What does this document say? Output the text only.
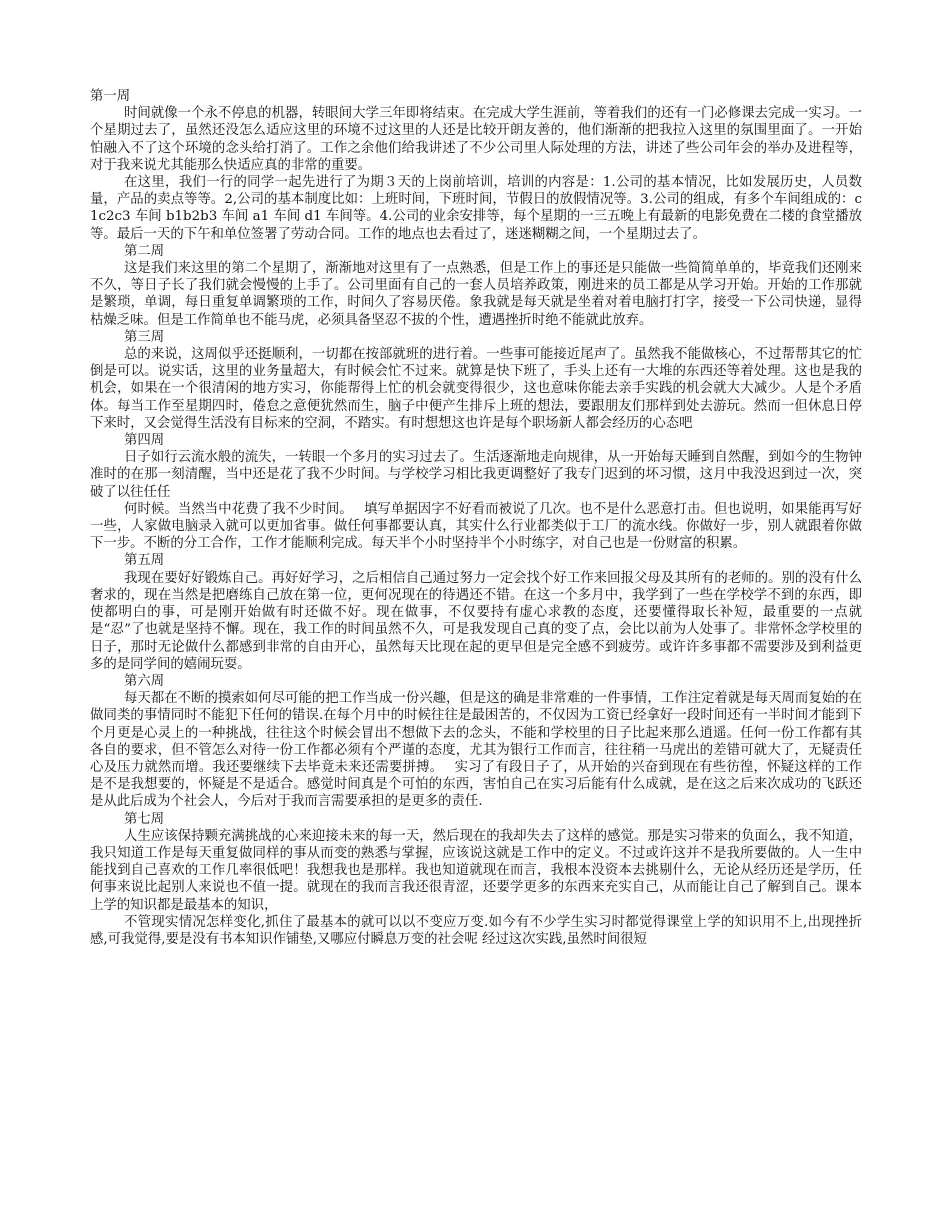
第一周

时间就像一个永不停息的机器，转眼间大学三年即将结束。在完成大学生涯前，等着我们的还有一门必修课去完成一实习。一个星期过去了，虽然还没怎么适应这里的环境不过这里的人还是比较开朗友善的，他们渐渐的把我拉入这里的氛围里面了。一开始怕融入不了这个环境的念头给打消了。工作之余他们给我讲述了不少公司里人际处理的方法，讲述了些公司年会的举办及进程等，对于我来说尤其能那么快适应真的非常的重要。

在这里，我们一行的同学一起先进行了为期３天的上岗前培训，培训的内容是：1.公司的基本情况，比如发展历史，人员数量，产品的卖点等等。2,公司的基本制度比如：上班时间，下班时间，节假日的放假情况等。3.公司的组成，有多个车间组成的：c1c2c3 车间 b1b2b3 车间 a1 车间 d1 车间等。4.公司的业余安排等，每个星期的一三五晚上有最新的电影免费在二楼的食堂播放等。最后一天的下午和单位签署了劳动合同。工作的地点也去看过了，迷迷糊糊之间，一个星期过去了。

第二周

这是我们来这里的第二个星期了，渐渐地对这里有了一点熟悉，但是工作上的事还是只能做一些简简单单的，毕竟我们还刚来不久，等日子长了我们就会慢慢的上手了。公司里面有自己的一套人员培养政策，刚进来的员工都是从学习开始。开始的工作那就是繁琐，单调，每日重复单调繁琐的工作，时间久了容易厌倦。象我就是每天就是坐着对着电脑打打字，接受一下公司快递，显得枯燥乏味。但是工作简单也不能马虎，必须具备坚忍不拔的个性，遭遇挫折时绝不能就此放弃。

第三周

总的来说，这周似乎还挺顺利，一切都在按部就班的进行着。一些事可能接近尾声了。虽然我不能做核心，不过帮帮其它的忙倒是可以。说实话，这里的业务量超大，有时候会忙不过来。就算是快下班了，手头上还有一大堆的东西还等着处理。这也是我的机会，如果在一个很清闲的地方实习，你能帮得上忙的机会就变得很少，这也意味你能去亲手实践的机会就大大减少。人是个矛盾体。每当工作至星期四时，倦怠之意便犹然而生，脑子中便产生排斥上班的想法，要跟朋友们那样到处去游玩。然而一但休息日停下来时，又会觉得生活没有目标来的空洞，不踏实。有时想想这也许是每个职场新人都会经历的心态吧

第四周

日子如行云流水般的流失，一转眼一个多月的实习过去了。生活逐渐地走向规律，从一开始每天睡到自然醒，到如今的生物钟准时的在那一刻清醒，当中还是花了我不少时间。与学校学习相比我更调整好了我专门迟到的坏习惯，这月中我没迟到过一次，突破了以往任任

何时候。当然当中花费了我不少时间。　 填写单据因字不好看而被说了几次。也不是什么恶意打击。但也说明，如果能再写好一些，人家做电脑录入就可以更加省事。做任何事都要认真，其实什么行业都类似于工厂的流水线。你做好一步，别人就跟着你做下一步。不断的分工合作，工作才能顺利完成。每天半个小时坚持半个小时练字，对自己也是一份财富的积累。

第五周

我现在要好好锻炼自己。再好好学习，之后相信自己通过努力一定会找个好工作来回报父母及其所有的老师的。别的没有什么奢求的，现在当然是把磨练自己放在第一位，更何况现在的待遇还不错。在这一个多月中，我学到了一些在学校学不到的东西，即使都明白的事，可是刚开始做有时还做不好。现在做事，不仅要持有虚心求教的态度，还要懂得取长补短，最重要的一点就是“忍”了也就是坚持不懈。现在，我工作的时间虽然不久，可是我发现自己真的变了点，会比以前为人处事了。非常怀念学校里的日子，那时无论做什么都感到非常的自由开心，虽然每天比现在起的更早但是完全感不到疲劳。或许许多事都不需要涉及到利益更多的是同学间的嬉闹玩耍。

第六周

每天都在不断的摸索如何尽可能的把工作当成一份兴趣，但是这的确是非常难的一件事情，工作注定着就是每天周而复始的在做同类的事情同时不能犯下任何的错误.在每个月中的时候往往是最困苦的，不仅因为工资已经拿好一段时间还有一半时间才能到下个月更是心灵上的一种挑战，往往这个时候会冒出不想做下去的念头，不能和学校里的日子比起来那么逍遥。任何一份工作都有其各自的要求，但不管怎么对待一份工作都必须有个严谨的态度，尤其为银行工作而言，往往稍一马虎出的差错可就大了，无疑责任心及压力就然而增。我还要继续下去毕竟未来还需要拼搏。　 实习了有段日子了，从开始的兴奋到现在有些彷徨，怀疑这样的工作是不是我想要的，怀疑是不是适合。感觉时间真是个可怕的东西，害怕自己在实习后能有什么成就，是在这之后来次成功的飞跃还是从此后成为个社会人，今后对于我而言需要承担的是更多的责任.

第七周

人生应该保持颗充满挑战的心来迎接未来的每一天，然后现在的我却失去了这样的感觉。那是实习带来的负面么，我不知道，我只知道工作是每天重复做同样的事从而变的熟悉与掌握，应该说这就是工作中的定义。不过或许这并不是我所要做的。人一生中能找到自己喜欢的工作几率很低吧！我想我也是那样。我也知道就现在而言，我根本没资本去挑剔什么，无论从经历还是学历，任何事来说比起别人来说也不值一提。就现在的我而言我还很青涩，还要学更多的东西来充实自己，从而能让自己了解到自己。课本上学的知识都是最基本的知识，

不管现实情况怎样变化,抓住了最基本的就可以以不变应万变.如今有不少学生实习时都觉得课堂上学的知识用不上,出现挫折感,可我觉得,要是没有书本知识作铺垫,又哪应付瞬息万变的社会呢 经过这次实践,虽然时间很短
